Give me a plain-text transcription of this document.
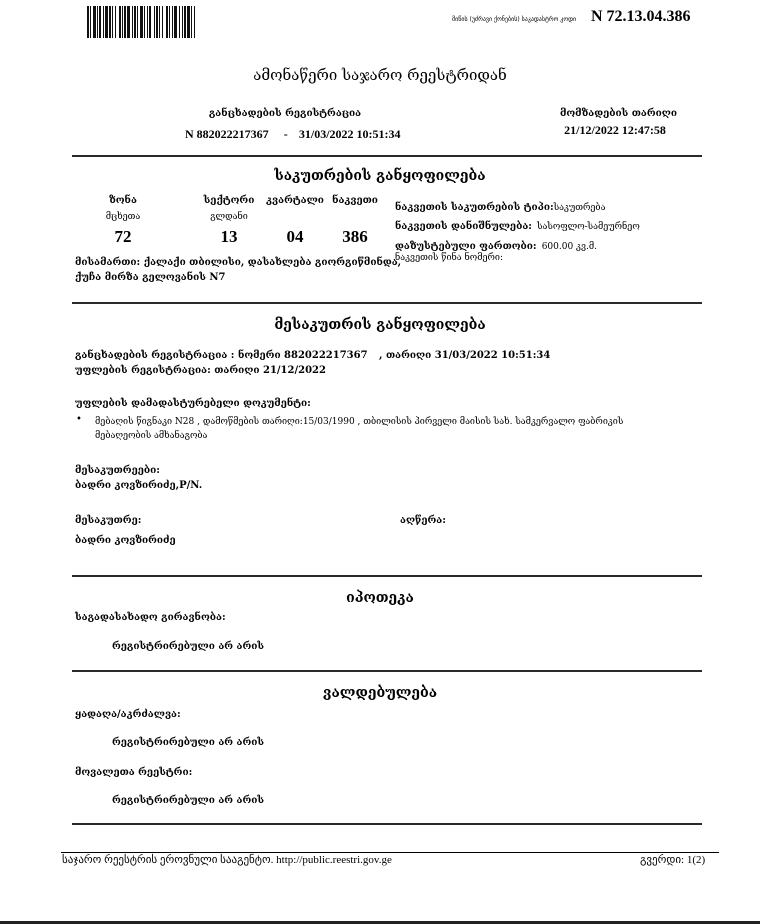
მიწის (უძრავი ქონების) საკადასტრო კოდი N 72.13.04.386
ამონაწერი საჯარო რეესტრიდან
განცხადების რეგისტრაცია
N 882022217367 - 31/03/2022 10:51:34
მომზადების თარიღი
21/12/2022 12:47:58
საკუთრების განყოფილება
ზონა
მცხეთა
72
სექტორი
გლდანი
13
კვარტალი
04
ნაკვეთი
386
მისამართი: ქალაქი თბილისი, დასახლება გიორგიწმინდა,
ქუჩა მირზა გელოვანის N7
ნაკვეთის საკუთრების ტიპი:საკუთრება
ნაკვეთის დანიშნულება: სასოფლო-სამეურნეო
დაზუსტებული ფართობი: 600.00 კვ.მ.
ნაკვეთის წინა ნომერი:
მესაკუთრის განყოფილება
განცხადების რეგისტრაცია : ნომერი 882022217367 , თარიღი 31/03/2022 10:51:34
უფლების რეგისტრაცია: თარიღი 21/12/2022
უფლების დამადასტურებელი დოკუმენტი:
• მებაღის წიგნაკი N28 , დამოწმების თარიღი:15/03/1990 , თბილისის პირველი მაისის სახ. სამკერვალო ფაბრიკის
მებაღეობის ამხანაგობა
მესაკუთრეები:
ბადრი კოვზირიძე,P/N.
მესაკუთრე:	აღწერა:
ბადრი კოვზირიძე
იპოთეკა
საგადასახადო გირავნობა:
რეგისტრირებული არ არის
ვალდებულება
ყადაღა/აკრძალვა:
რეგისტრირებული არ არის
მოვალეთა რეესტრი:
რეგისტრირებული არ არის
საჯარო რეესტრის ეროვნული სააგენტო. http://public.reestri.gov.ge	გვერდი: 1(2)
